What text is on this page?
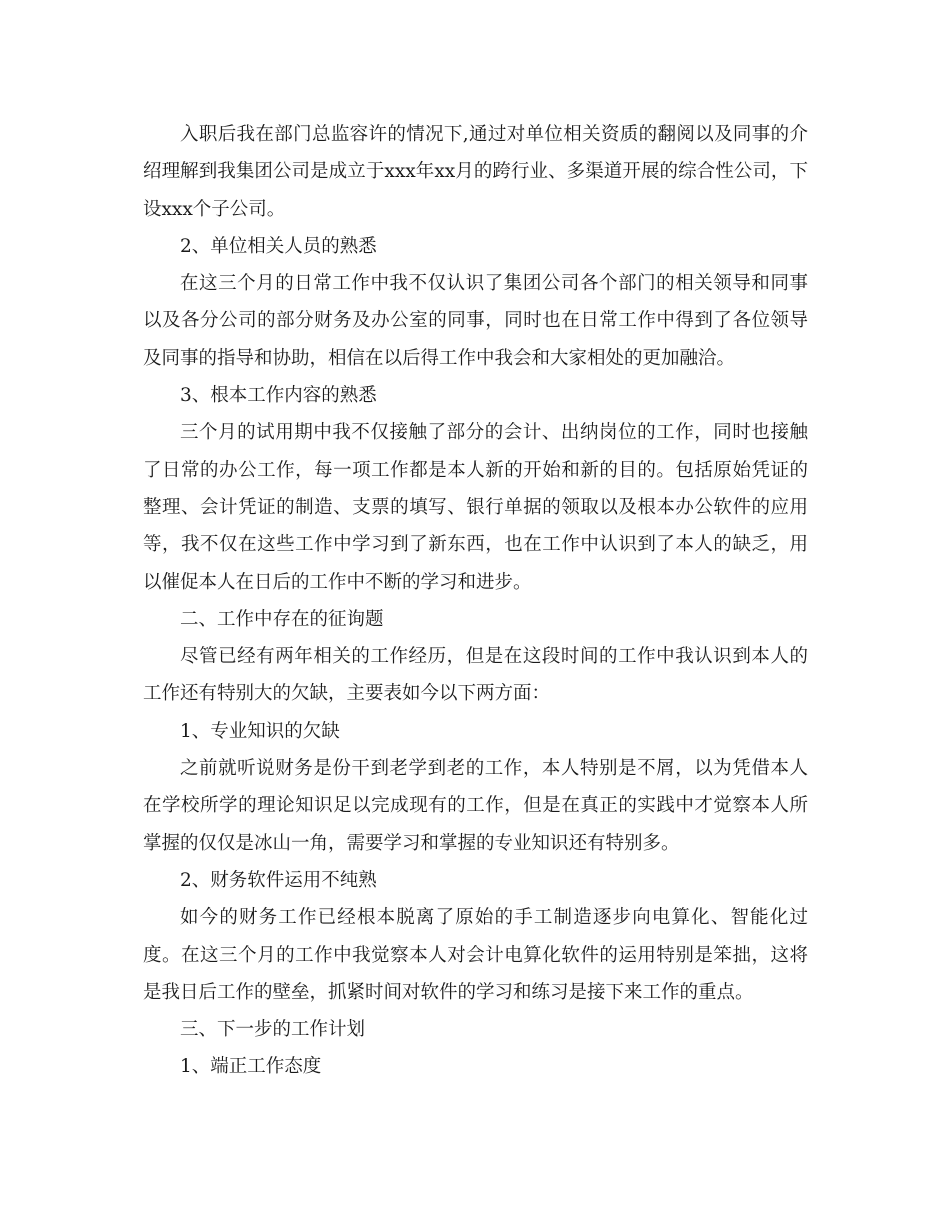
入职后我在部门总监容许的情况下,通过对单位相关资质的翻阅以及同事的介绍理解到我集团公司是成立于xxx年xx月的跨行业、多渠道开展的综合性公司，下设xxx个子公司。

2、单位相关人员的熟悉

在这三个月的日常工作中我不仅认识了集团公司各个部门的相关领导和同事以及各分公司的部分财务及办公室的同事，同时也在日常工作中得到了各位领导及同事的指导和协助，相信在以后得工作中我会和大家相处的更加融洽。

3、根本工作内容的熟悉

三个月的试用期中我不仅接触了部分的会计、出纳岗位的工作，同时也接触了日常的办公工作，每一项工作都是本人新的开始和新的目的。包括原始凭证的整理、会计凭证的制造、支票的填写、银行单据的领取以及根本办公软件的应用等，我不仅在这些工作中学习到了新东西，也在工作中认识到了本人的缺乏，用以催促本人在日后的工作中不断的学习和进步。

二、工作中存在的征询题

尽管已经有两年相关的工作经历，但是在这段时间的工作中我认识到本人的工作还有特别大的欠缺，主要表如今以下两方面：

1、专业知识的欠缺

之前就听说财务是份干到老学到老的工作，本人特别是不屑，以为凭借本人在学校所学的理论知识足以完成现有的工作，但是在真正的实践中才觉察本人所掌握的仅仅是冰山一角，需要学习和掌握的专业知识还有特别多。

2、财务软件运用不纯熟

如今的财务工作已经根本脱离了原始的手工制造逐步向电算化、智能化过度。在这三个月的工作中我觉察本人对会计电算化软件的运用特别是笨拙，这将是我日后工作的壁垒，抓紧时间对软件的学习和练习是接下来工作的重点。

三、下一步的工作计划

1、端正工作态度
